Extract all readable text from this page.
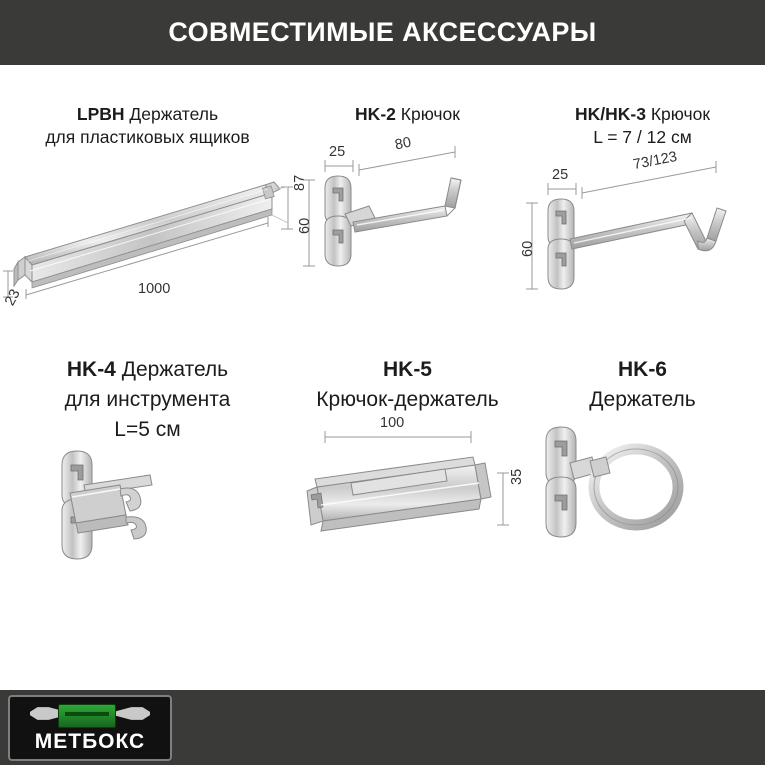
СОВМЕСТИМЫЕ АКСЕССУАРЫ
LPBH Держатель
для пластиковых ящиков
1000
87
23
HK-2 Крючок
25	80
60
HK/HK-3 Крючок
L = 7 / 12 см
25
73/123
60
HK-4 Держатель
для инструмента
L=5 см
HK-5
Крючок-держатель
100
35
HK-6
Держатель
МЕТБОКС
